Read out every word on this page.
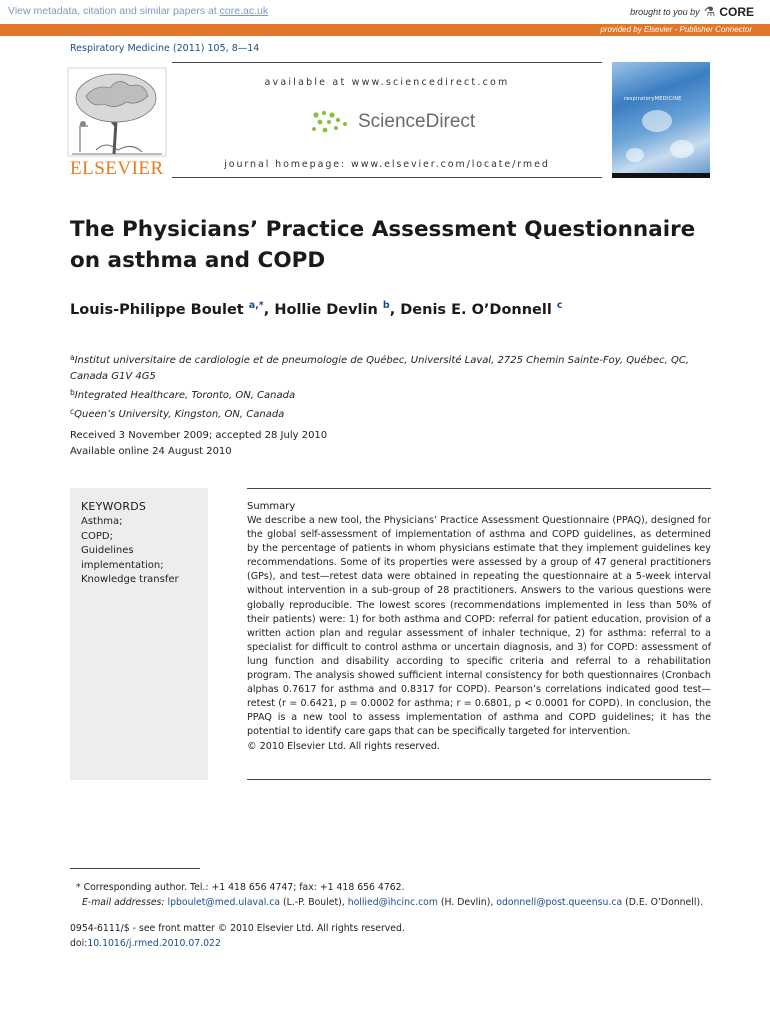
View metadata, citation and similar papers at core.ac.uk	brought to you by ⚗ CORE
provided by Elsevier - Publisher Connector
Respiratory Medicine (2011) 105, 8—14
ELSEVIER
available at www.sciencedirect.com
ScienceDirect
journal homepage: www.elsevier.com/locate/rmed
respiratoryMEDICINE
The Physicians’ Practice Assessment Questionnaire
on asthma and COPD
Louis-Philippe Boulet $^{a,*}$, Hollie Devlin $^b$, Denis E. O’Donnell $^c$
$^a$Institut universitaire de cardiologie et de pneumologie de Québec, Université Laval, 2725 Chemin Sainte-Foy, Québec, QC, Canada G1V 4G5
$^b$Integrated Healthcare, Toronto, ON, Canada
$^c$Queen’s University, Kingston, ON, Canada
Received 3 November 2009; accepted 28 July 2010
Available online 24 August 2010
KEYWORDS
Asthma;
COPD;
Guidelines
implementation;
Knowledge transfer
Summary
We describe a new tool, the Physicians’ Practice Assessment Questionnaire (PPAQ), designed for the global self-assessment of implementation of asthma and COPD guidelines, as determined by the percentage of patients in whom physicians estimate that they implement guidelines key recommendations. Some of its properties were assessed by a group of 47 general practitioners (GPs), and test—retest data were obtained in repeating the questionnaire at a 5-week interval without intervention in a sub-group of 28 practitioners. Answers to the various questions were globally reproducible. The lowest scores (recommendations implemented in less than 50% of their patients) were: 1) for both asthma and COPD: referral for patient education, provision of a written action plan and regular assessment of inhaler technique, 2) for asthma: referral to a specialist for difficult to control asthma or uncertain diagnosis, and 3) for COPD: assessment of lung function and disability according to specific criteria and referral to a rehabilitation program. The analysis showed sufficient internal consistency for both questionnaires (Cronbach alphas 0.7617 for asthma and 0.8317 for COPD). Pearson’s correlations indicated good test—retest (r = 0.6421, p = 0.0002 for asthma; r = 0.6801, p < 0.0001 for COPD). In conclusion, the PPAQ is a new tool to assess implementation of asthma and COPD guidelines; it has the potential to identify care gaps that can be specifically targeted for intervention.
© 2010 Elsevier Ltd. All rights reserved.
* Corresponding author. Tel.: +1 418 656 4747; fax: +1 418 656 4762.
E-mail addresses: lpboulet@med.ulaval.ca (L.-P. Boulet), hollied@ihcinc.com (H. Devlin), odonnell@post.queensu.ca (D.E. O’Donnell).
0954-6111/$ - see front matter © 2010 Elsevier Ltd. All rights reserved.
doi:10.1016/j.rmed.2010.07.022
